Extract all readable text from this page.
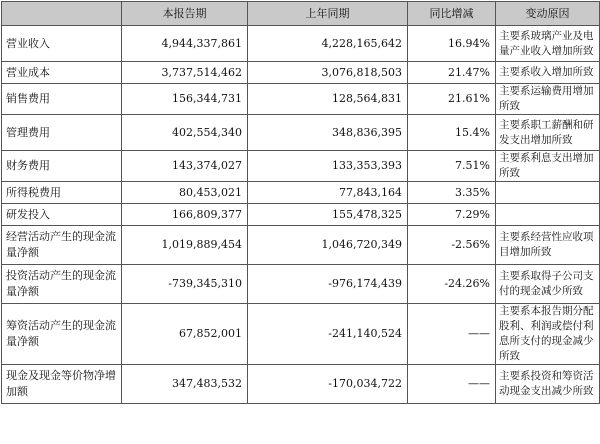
	本报告期	上年同期	同比增减	变动原因
营业收入	4,944,337,861	4,228,165,642	16.94%	主要系玻璃产业及电量产业收入增加所致
营业成本	3,737,514,462	3,076,818,503	21.47%	主要系收入增加所致
销售费用	156,344,731	128,564,831	21.61%	主要系运输费用增加所致
管理费用	402,554,340	348,836,395	15.4%	主要系职工薪酬和研发支出增加所致
财务费用	143,374,027	133,353,393	7.51%	主要系利息支出增加所致
所得税费用	80,453,021	77,843,164	3.35%	
研发投入	166,809,377	155,478,325	7.29%	
经营活动产生的现金流量净额	1,019,889,454	1,046,720,349	-2.56%	主要系经营性应收项目增加所致
投资活动产生的现金流量净额	-739,345,310	-976,174,439	-24.26%	主要系取得子公司支付的现金减少所致
筹资活动产生的现金流量净额	67,852,001	-241,140,524	——	主要系本报告期分配股利、利润或偿付利息所支付的现金减少所致
现金及现金等价物净增加额	347,483,532	-170,034,722	——	主要系投资和筹资活动现金支出减少所致
